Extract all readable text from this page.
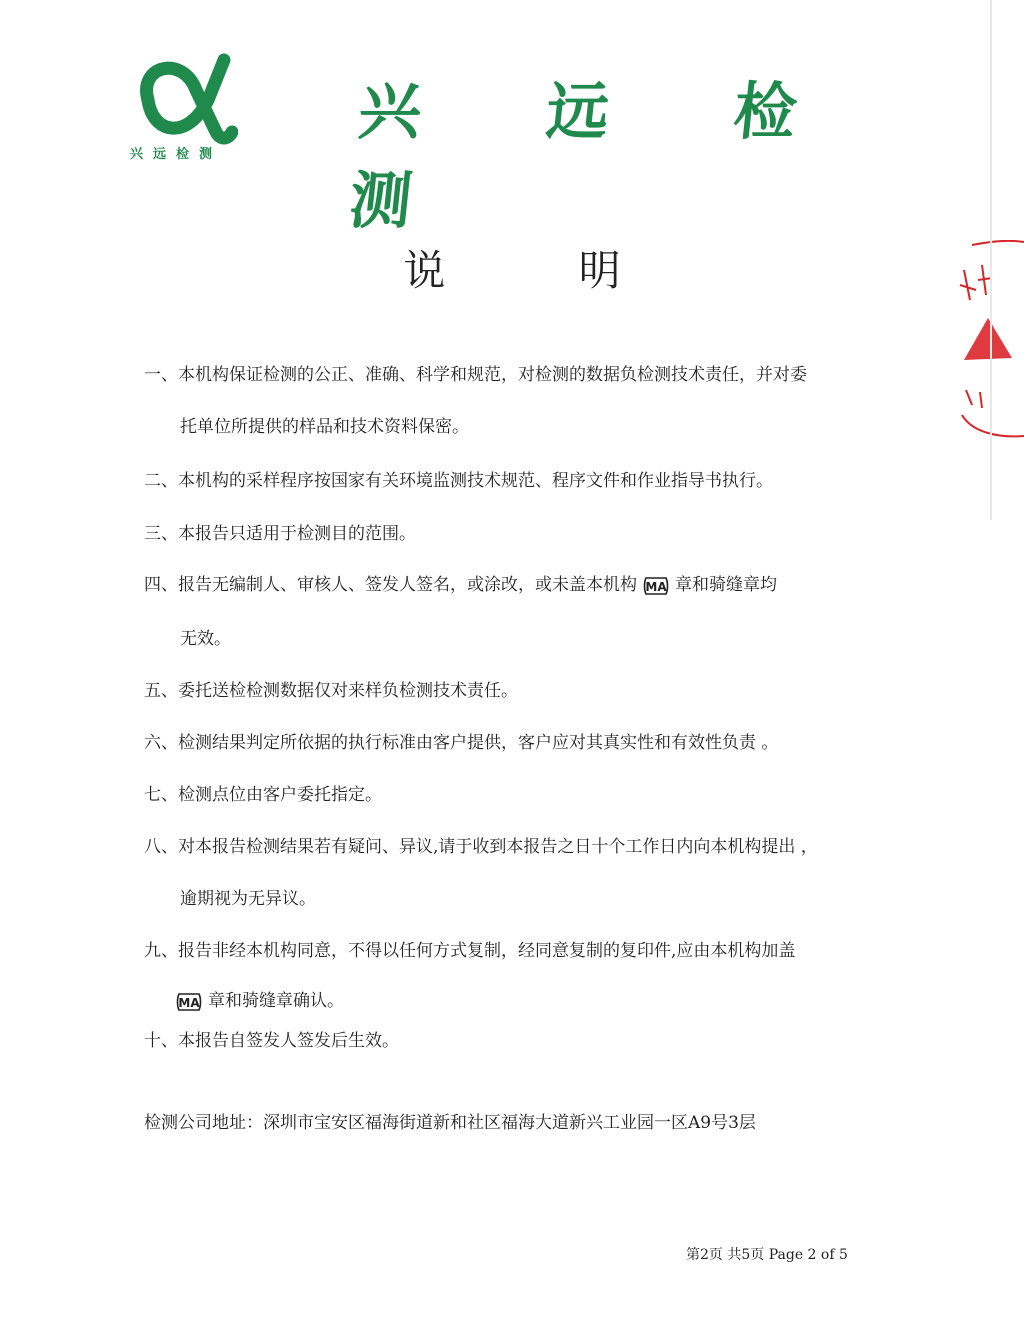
兴远检测
兴 远 检 测
说 明
一、本机构保证检测的公正、准确、科学和规范，对检测的数据负检测技术责任，并对委
托单位所提供的样品和技术资料保密。
二、本机构的采样程序按国家有关环境监测技术规范、程序文件和作业指导书执行。
三、本报告只适用于检测目的范围。
四、报告无编制人、审核人、签发人签名，或涂改，或未盖本机构 MA 章和骑缝章均
无效。
五、委托送检检测数据仅对来样负检测技术责任。
六、检测结果判定所依据的执行标准由客户提供，客户应对其真实性和有效性负责 。
七、检测点位由客户委托指定。
八、对本报告检测结果若有疑问、异议,请于收到本报告之日十个工作日内向本机构提出 ，
逾期视为无异议。
九、报告非经本机构同意，不得以任何方式复制，经同意复制的复印件,应由本机构加盖
MA 章和骑缝章确认。
十、本报告自签发人签发后生效。
检测公司地址：深圳市宝安区福海街道新和社区福海大道新兴工业园一区A9号3层
第2页 共5页 Page 2 of 5
